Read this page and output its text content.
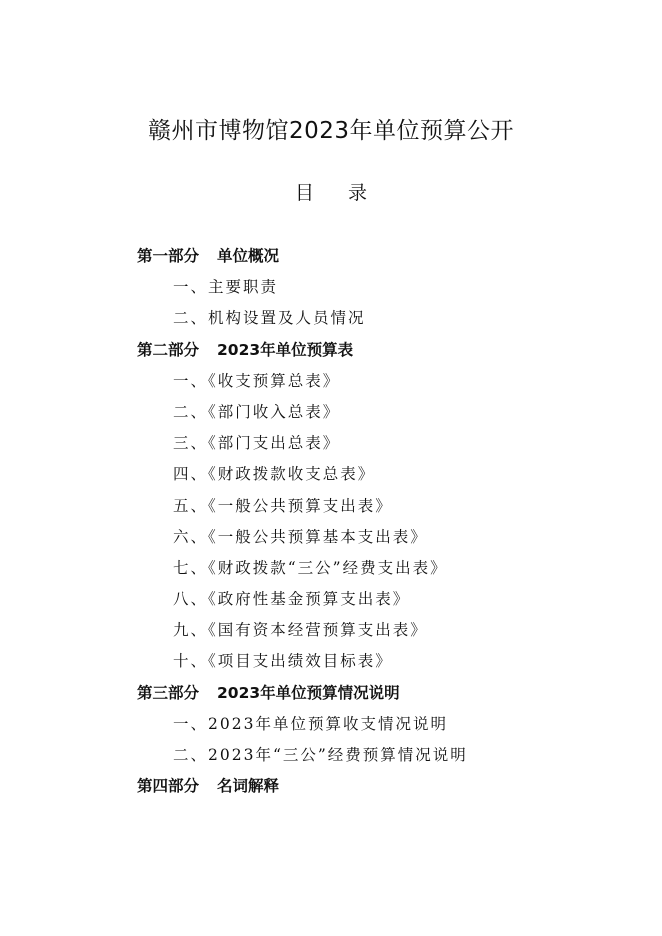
赣州市博物馆2023年单位预算公开
目 录
第一部分 单位概况
一、主要职责
二、机构设置及人员情况
第二部分 2023年单位预算表
一、《收支预算总表》
二、《部门收入总表》
三、《部门支出总表》
四、《财政拨款收支总表》
五、《一般公共预算支出表》
六、《一般公共预算基本支出表》
七、《财政拨款“三公”经费支出表》
八、《政府性基金预算支出表》
九、《国有资本经营预算支出表》
十、《项目支出绩效目标表》
第三部分 2023年单位预算情况说明
一、2023年单位预算收支情况说明
二、2023年“三公”经费预算情况说明
第四部分 名词解释
